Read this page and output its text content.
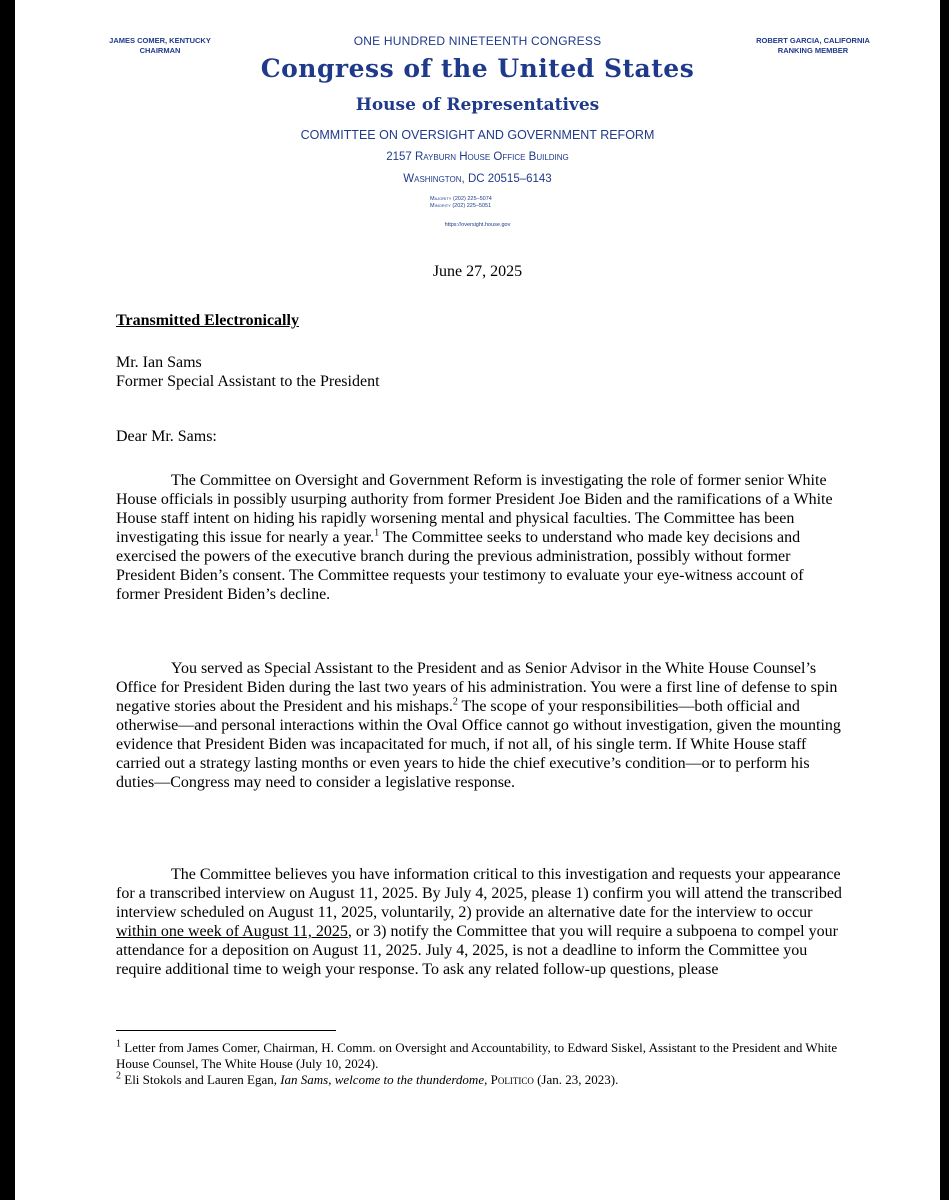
JAMES COMER, KENTUCKY
CHAIRMAN
ROBERT GARCIA, CALIFORNIA
RANKING MEMBER
ONE HUNDRED NINETEENTH CONGRESS
Congress of the United States
House of Representatives
COMMITTEE ON OVERSIGHT AND GOVERNMENT REFORM
2157 Rayburn House Office Building
Washington, DC 20515–6143
Majority (202) 225–5074
Minority (202) 225–5051
https://oversight.house.gov
June 27, 2025
Transmitted Electronically
Mr. Ian Sams
Former Special Assistant to the President
Dear Mr. Sams:

The Committee on Oversight and Government Reform is investigating the role of former senior White House officials in possibly usurping authority from former President Joe Biden and the ramifications of a White House staff intent on hiding his rapidly worsening mental and physical faculties. The Committee has been investigating this issue for nearly a year.$^1$ The Committee seeks to understand who made key decisions and exercised the powers of the executive branch during the previous administration, possibly without former President Biden’s consent. The Committee requests your testimony to evaluate your eye-witness account of former President Biden’s decline.

You served as Special Assistant to the President and as Senior Advisor in the White House Counsel’s Office for President Biden during the last two years of his administration. You were a first line of defense to spin negative stories about the President and his mishaps.$^2$ The scope of your responsibilities—both official and otherwise—and personal interactions within the Oval Office cannot go without investigation, given the mounting evidence that President Biden was incapacitated for much, if not all, of his single term. If White House staff carried out a strategy lasting months or even years to hide the chief executive’s condition—or to perform his duties—Congress may need to consider a legislative response.

The Committee believes you have information critical to this investigation and requests your appearance for a transcribed interview on August 11, 2025. By July 4, 2025, please 1) confirm you will attend the transcribed interview scheduled on August 11, 2025, voluntarily, 2) provide an alternative date for the interview to occur within one week of August 11, 2025, or 3) notify the Committee that you will require a subpoena to compel your attendance for a deposition on August 11, 2025. July 4, 2025, is not a deadline to inform the Committee you require additional time to weigh your response. To ask any related follow-up questions, please

$^1$ Letter from James Comer, Chairman, H. Comm. on Oversight and Accountability, to Edward Siskel, Assistant to the President and White House Counsel, The White House (July 10, 2024).

$^2$ Eli Stokols and Lauren Egan, Ian Sams, welcome to the thunderdome, Politico (Jan. 23, 2023).
